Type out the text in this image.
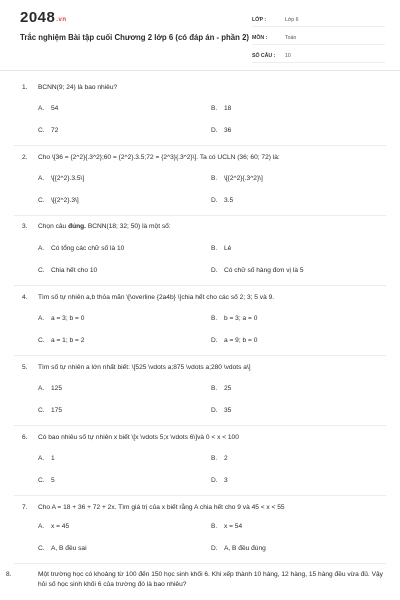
2048.vn
Trắc nghiệm Bài tập cuối Chương 2 lớp 6 (có đáp án - phần 2)
LỚP :	Lớp 6
MÔN :	Toán
SỐ CÂU :	10
1. BCNN(9; 24) là bao nhiêu?
A. 54	B. 18
C. 72	D. 36
2. Cho \[36 = {2^2}{.3^2};60 = {2^2}.3.5;72 = {2^3}{.3^2}\]. Ta có UCLN (36; 60; 72) là:
A. \[{2^2}.3.5\]	B. \[{2^2}{.3^2}\]
C. \[{2^2}.3\]	D. 3.5
3. Chọn câu đúng. BCNN(18; 32; 50) là một số:
A. Có tổng các chữ số là 10	B. Lẻ
C. Chia hết cho 10	D. Có chữ số hàng đơn vị là 5
4. Tìm số tự nhiên a,b thỏa mãn \[\overline {2a4b} \]chia hết cho các số 2; 3; 5 và 9.
A. a = 3; b = 0	B. b = 3; a = 0
C. a = 1; b = 2	D. a = 9; b = 0
5. Tìm số tự nhiên a lớn nhất biết: \[525 \vdots a;875 \vdots a;280 \vdots a\]
A. 125	B. 25
C. 175	D. 35
6. Có bao nhiêu số tự nhiên x biết \[x \vdots 5;x \vdots 6\]và 0 < x < 100
A. 1	B. 2
C. 5	D. 3
7. Cho A = 18 + 36 + 72 + 2x. Tìm giá trị của x biết rằng A chia hết cho 9 và 45 < x < 55
A. x = 45	B. x = 54
C. A, B đều sai	D. A, B đều đúng
8.	Một trường học có khoảng từ 100 đến 150 học sinh khối 6. Khi xếp thành 10 hàng, 12 hàng, 15 hàng đều vừa đủ. Vậy hỏi số học sinh khối 6 của trường đó là bao nhiêu?
